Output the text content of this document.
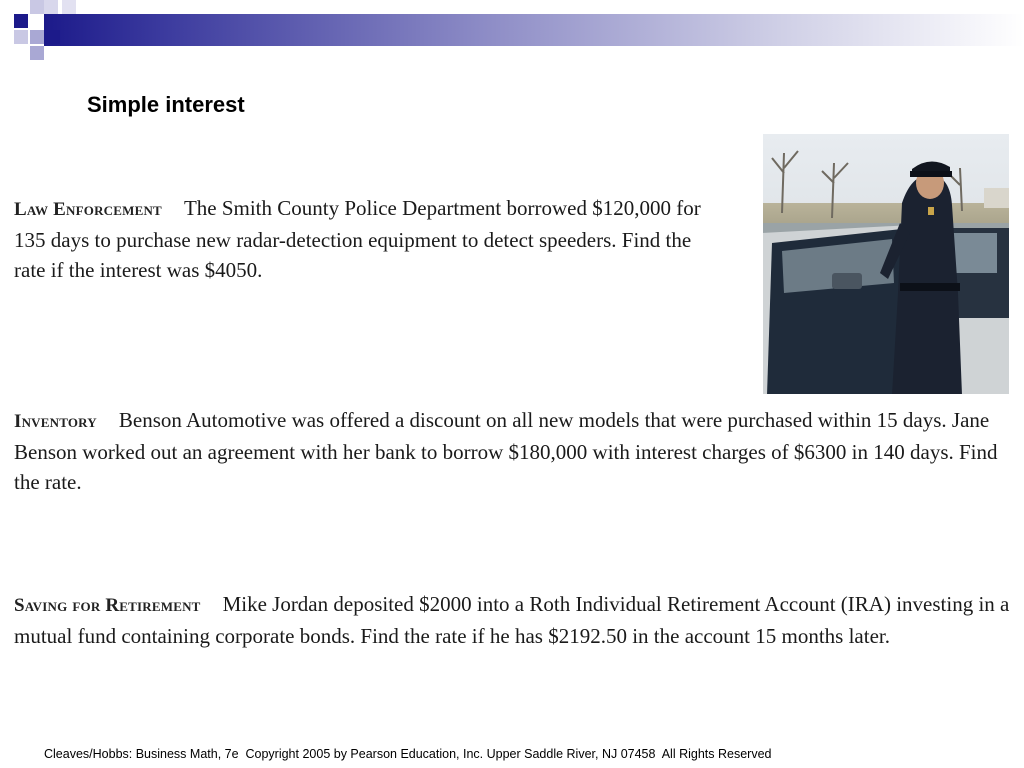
Simple interest

Law Enforcement The Smith County Police Department borrowed $120,000 for 135 days to purchase new radar-detection equipment to detect speeders. Find the rate if the interest was $4050.

Inventory Benson Automotive was offered a discount on all new models that were purchased within 15 days. Jane Benson worked out an agreement with her bank to borrow $180,000 with interest charges of $6300 in 140 days. Find the rate.

Saving for Retirement Mike Jordan deposited $2000 into a Roth Individual Retirement Account (IRA) investing in a mutual fund containing corporate bonds. Find the rate if he has $2192.50 in the account 15 months later.

Cleaves/Hobbs: Business Math, 7e  Copyright 2005 by Pearson Education, Inc. Upper Saddle River, NJ 07458  All Rights Reserved
